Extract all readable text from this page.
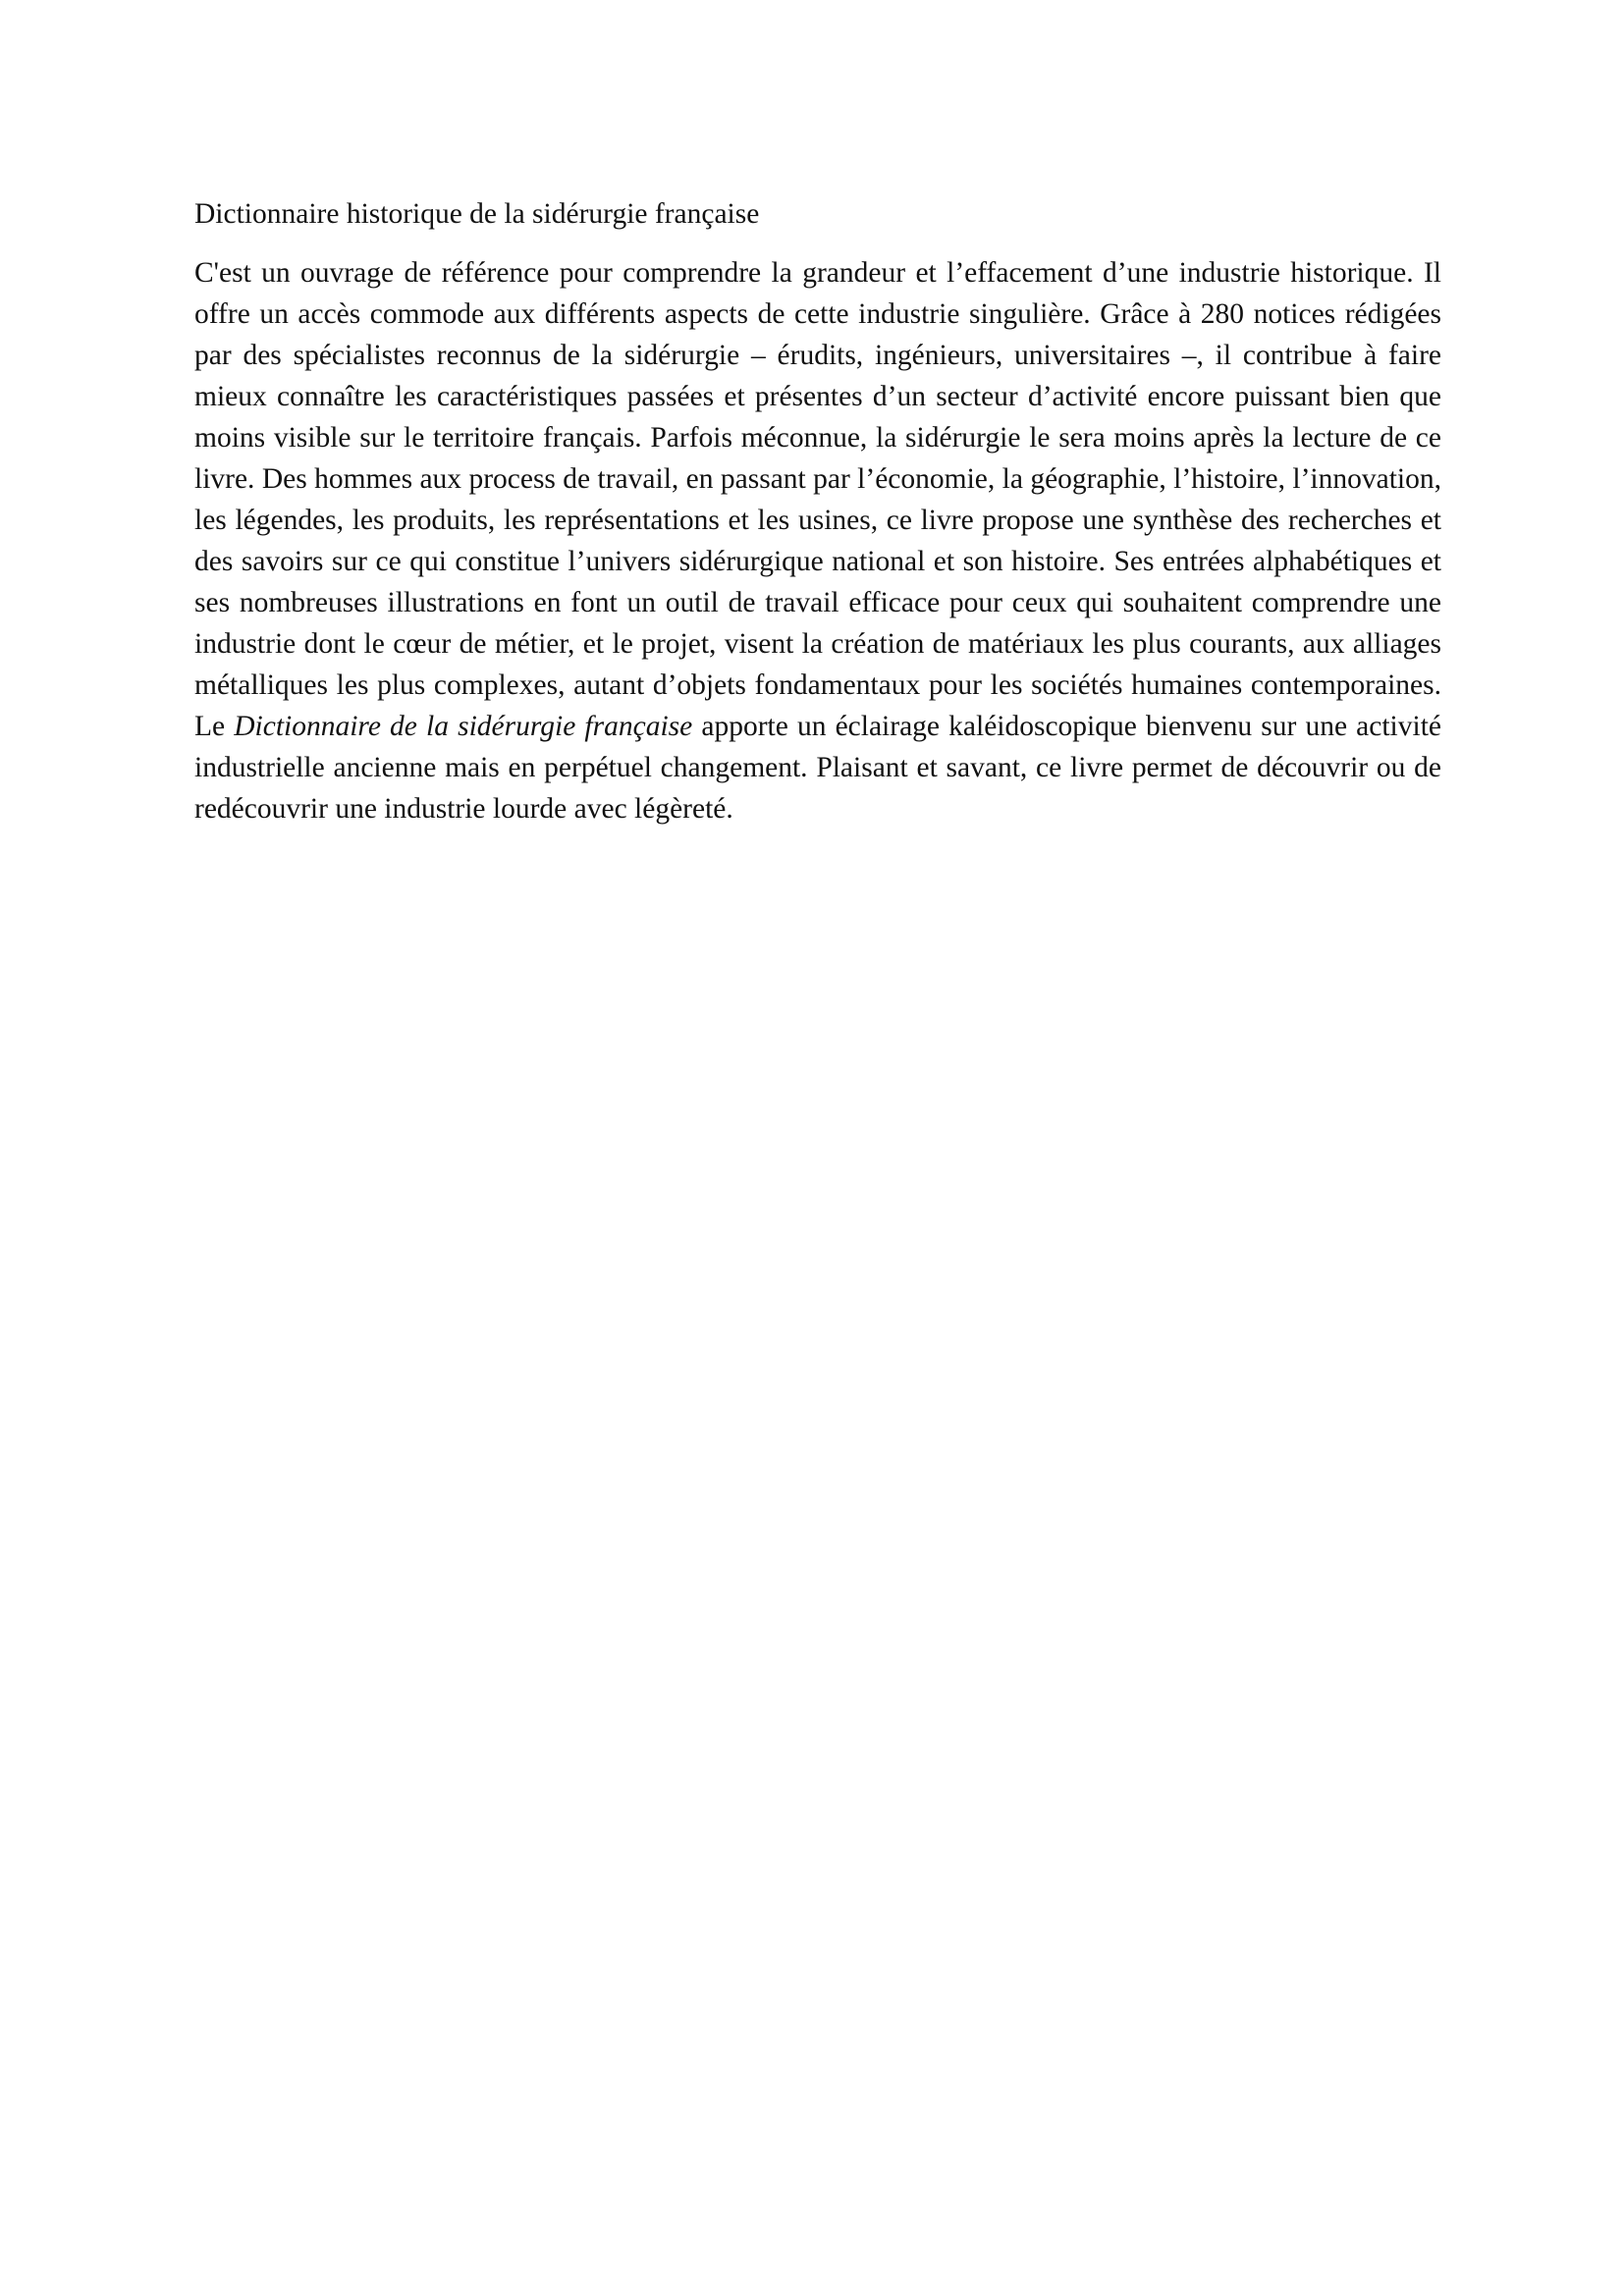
Dictionnaire historique de la sidérurgie française

C'est un ouvrage de référence pour comprendre la grandeur et l’effacement d’une industrie historique. Il offre un accès commode aux différents aspects de cette industrie singulière. Grâce à 280 notices rédigées par des spécialistes reconnus de la sidérurgie – érudits, ingénieurs, universitaires –, il contribue à faire mieux connaître les caractéristiques passées et présentes d’un secteur d’activité encore puissant bien que moins visible sur le territoire français. Parfois méconnue, la sidérurgie le sera moins après la lecture de ce livre. Des hommes aux process de travail, en passant par l’économie, la géographie, l’histoire, l’innovation, les légendes, les produits, les représentations et les usines, ce livre propose une synthèse des recherches et des savoirs sur ce qui constitue l’univers sidérurgique national et son histoire. Ses entrées alphabétiques et ses nombreuses illustrations en font un outil de travail efficace pour ceux qui souhaitent comprendre une industrie dont le cœur de métier, et le projet, visent la création de matériaux les plus courants, aux alliages métalliques les plus complexes, autant d’objets fondamentaux pour les sociétés humaines contemporaines. Le Dictionnaire de la sidérurgie française apporte un éclairage kaléidoscopique bienvenu sur une activité industrielle ancienne mais en perpétuel changement. Plaisant et savant, ce livre permet de découvrir ou de redécouvrir une industrie lourde avec légèreté.
